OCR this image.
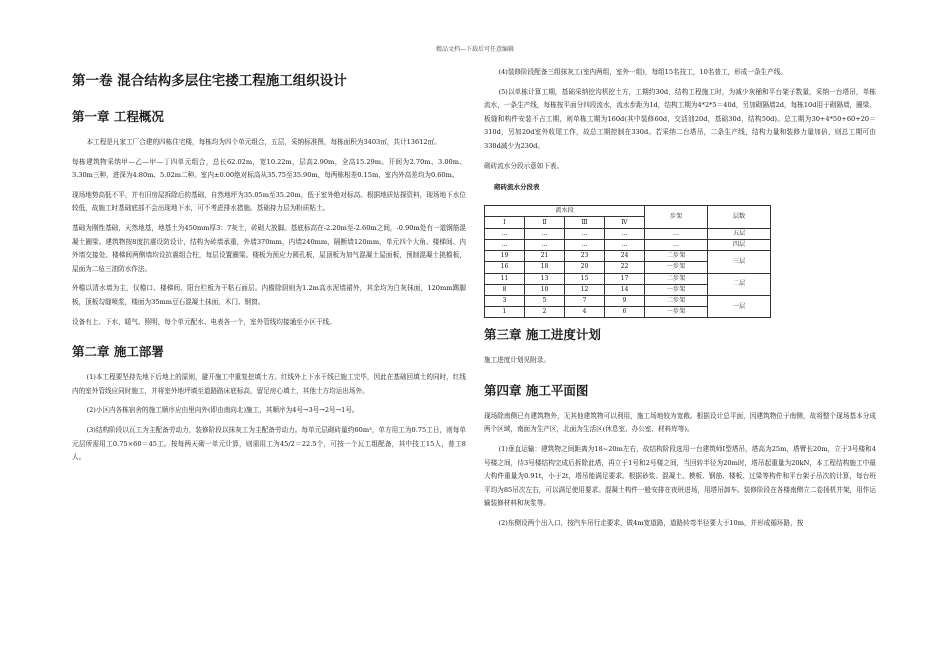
精品文档---下载后可任意编辑
第一卷 混合结构多层住宅搂工程施工组织设计
第一章 工程概况

本工程是凡家工厂合建的四栋住宅楼，每栋均为四个单元组合，五层，采纳标准图，每栋面积为3403㎡，共计13612㎡。

每栋建筑物采纳甲—乙—甲—丁四单元组合，总长62.02m，宽10.22m，层高2.90m，全高15.29m。开间为2.70m、3.00m、3.30m三种，进深为4.80m、5.02m二种。室内±0.00绝对标高从35.75至35.90m，每两栋相差0.15m，室内外高差均为0.60m。

现场地势高低不平，并有旧房屋拆除后的基础，自然地坪为35.05m至35.20m，低于室外绝对标高。根据地质钻探资料，现场地下水位较低，故施工时基础底部不会出现地下水，可不考虑排水措施。基础持力层为粉质粘土。

基础为刚性基础，天然地基，地基土为450mm厚3：7灰土，砖砌大放脚。基底标高在-2.20m至-2.60m之间，-0.90m处有一道钢筋混凝土圈梁。建筑物按8度抗震设防设计，结构为砖墙承重，外墙370mm，内墙240mm，隔断墙120mm，单元四个大角、楼梯间、内外墙交接处、楼梯间两侧墙均设抗震组合柱，每层设置圈梁。楼板为预应力圆孔板，屋顶板为加气混凝土屋面板，预制混凝土挑檐板，屋面为二毡三油防水作法。

外檐以清水墙为主，仅檐口、楼梯间、阳台栏板为干粘石面层。内檐除厨则为1.2m高水泥墙裙外，其余均为白灰抹面，120mm踢脚板，顶板勾缝喷浆，楼面为35mm豆石混凝土抹面，木门、钢窗。

设备有上、下水，暖气、照明，每个单元配水、电表各一个，室外管线均接通至小区干线。

第二章 施工部署

(1)本工程要坚持先地下后地上的原则，避开施工中重复挖填土方。红线外上下水干线已施工完毕，因此在基础回填土的同时，红线内的室外管线应同时施工，并将室外地坪填至道路路床底标高，留足房心填土，其他土方均运出场外。

(2)小区内各栋宿舍的施工顺序应由里向外(即由南向北)施工，其顺序为4号→3号→2号→1号。

(3)结构阶段以瓦工为主配备劳动力，装修阶段以抹灰工为主配备劳动力。每单元层砌砖量约60m³，单方用工为0.75工日，则每单元层所需用工0.75×60＝45工。按每两天砌一单元计算，则需用工为45/2＝22.5个，可按一个瓦工组配备，其中技工15人，普工8人。

(4)装修阶段配备三组抹灰工(室内两组，室外一组)，每组15名技工，10名普工，形成一条生产线。

(5)以单栋计算工期，基础采纳挖沟机挖土方，工期约30d，结构工程施工时，为减少灰桶和平台架子数量，采纳一台塔吊，单栋流水，一条生产线，每栋按平面分四段流水，流水步距为1d，结构工期为4*2*5＝40d，另加砌隔墙2d，每栋10d用于砌隔墙，圈梁、板缝和构件安装不占工期，则单栋工期为160d(其中装修60d，交活油20d，基础30d，结构50d)。总工期为30+4*50+60+20＝310d，另加20d室外收尾工作，故总工期控制在330d。若采纳二台塔吊，二条生产线，结构力量和装修力量加倍，则总工期可由330d减少为230d。

砌砖流水分段示意如下表。

砌砖流水分段表
流水段				步架	层数
Ⅰ	Ⅱ	Ⅲ	Ⅳ		
…	…	…	…	…	五层
…	…	…	…	…	四层
19	21	23	24	二步架	三层
16	18	20	22	一步架	
11	13	15	17	二步架	二层
8	10	12	14	一步架	
3	5	7	9	二步架	一层
1	2	4	6	一步架	
第三章 施工进度计划

施工进度计划见附录。

第四章 施工平面图

现场除南侧已有建筑物外，无其他建筑物可以利用，施工场地较为宽敞。根据设计总平面，因建筑物位于南侧，故将整个现场基本分成两个区域，南面为生产区，北面为生活区(休息室、办公室、材料库等)。

(1)垂直运输：建筑物之间距离为18~20m左右，故结构阶段选用一台建筑师Ⅰ型塔吊，塔高为25m，塔臂长20m，立于3号楼和4号楼之间，待3号楼结构完成后拆除此塔，再立于1号和2号楼之间，当回转半径为20m时，塔吊起重量为20kN，本工程结构施工中最大构件重量为0.91t，小于2t，塔吊能满足要求。根据砂浆、混凝土、模板、钢筋、楼板、过梁等构件和平台架子吊次的计算，每台班平均为85吊次左右，可以满足使用要求。混凝土构件一般安排在夜班进场，用塔吊卸车。装修阶段在各楼南侧立二卷扬机井架，用作运输装修材料和灰浆等。

(2)东侧设两个出入口，按汽车吊行走要求，做4m宽道路，道路转弯半径要大于10m，并形成循环路，按
